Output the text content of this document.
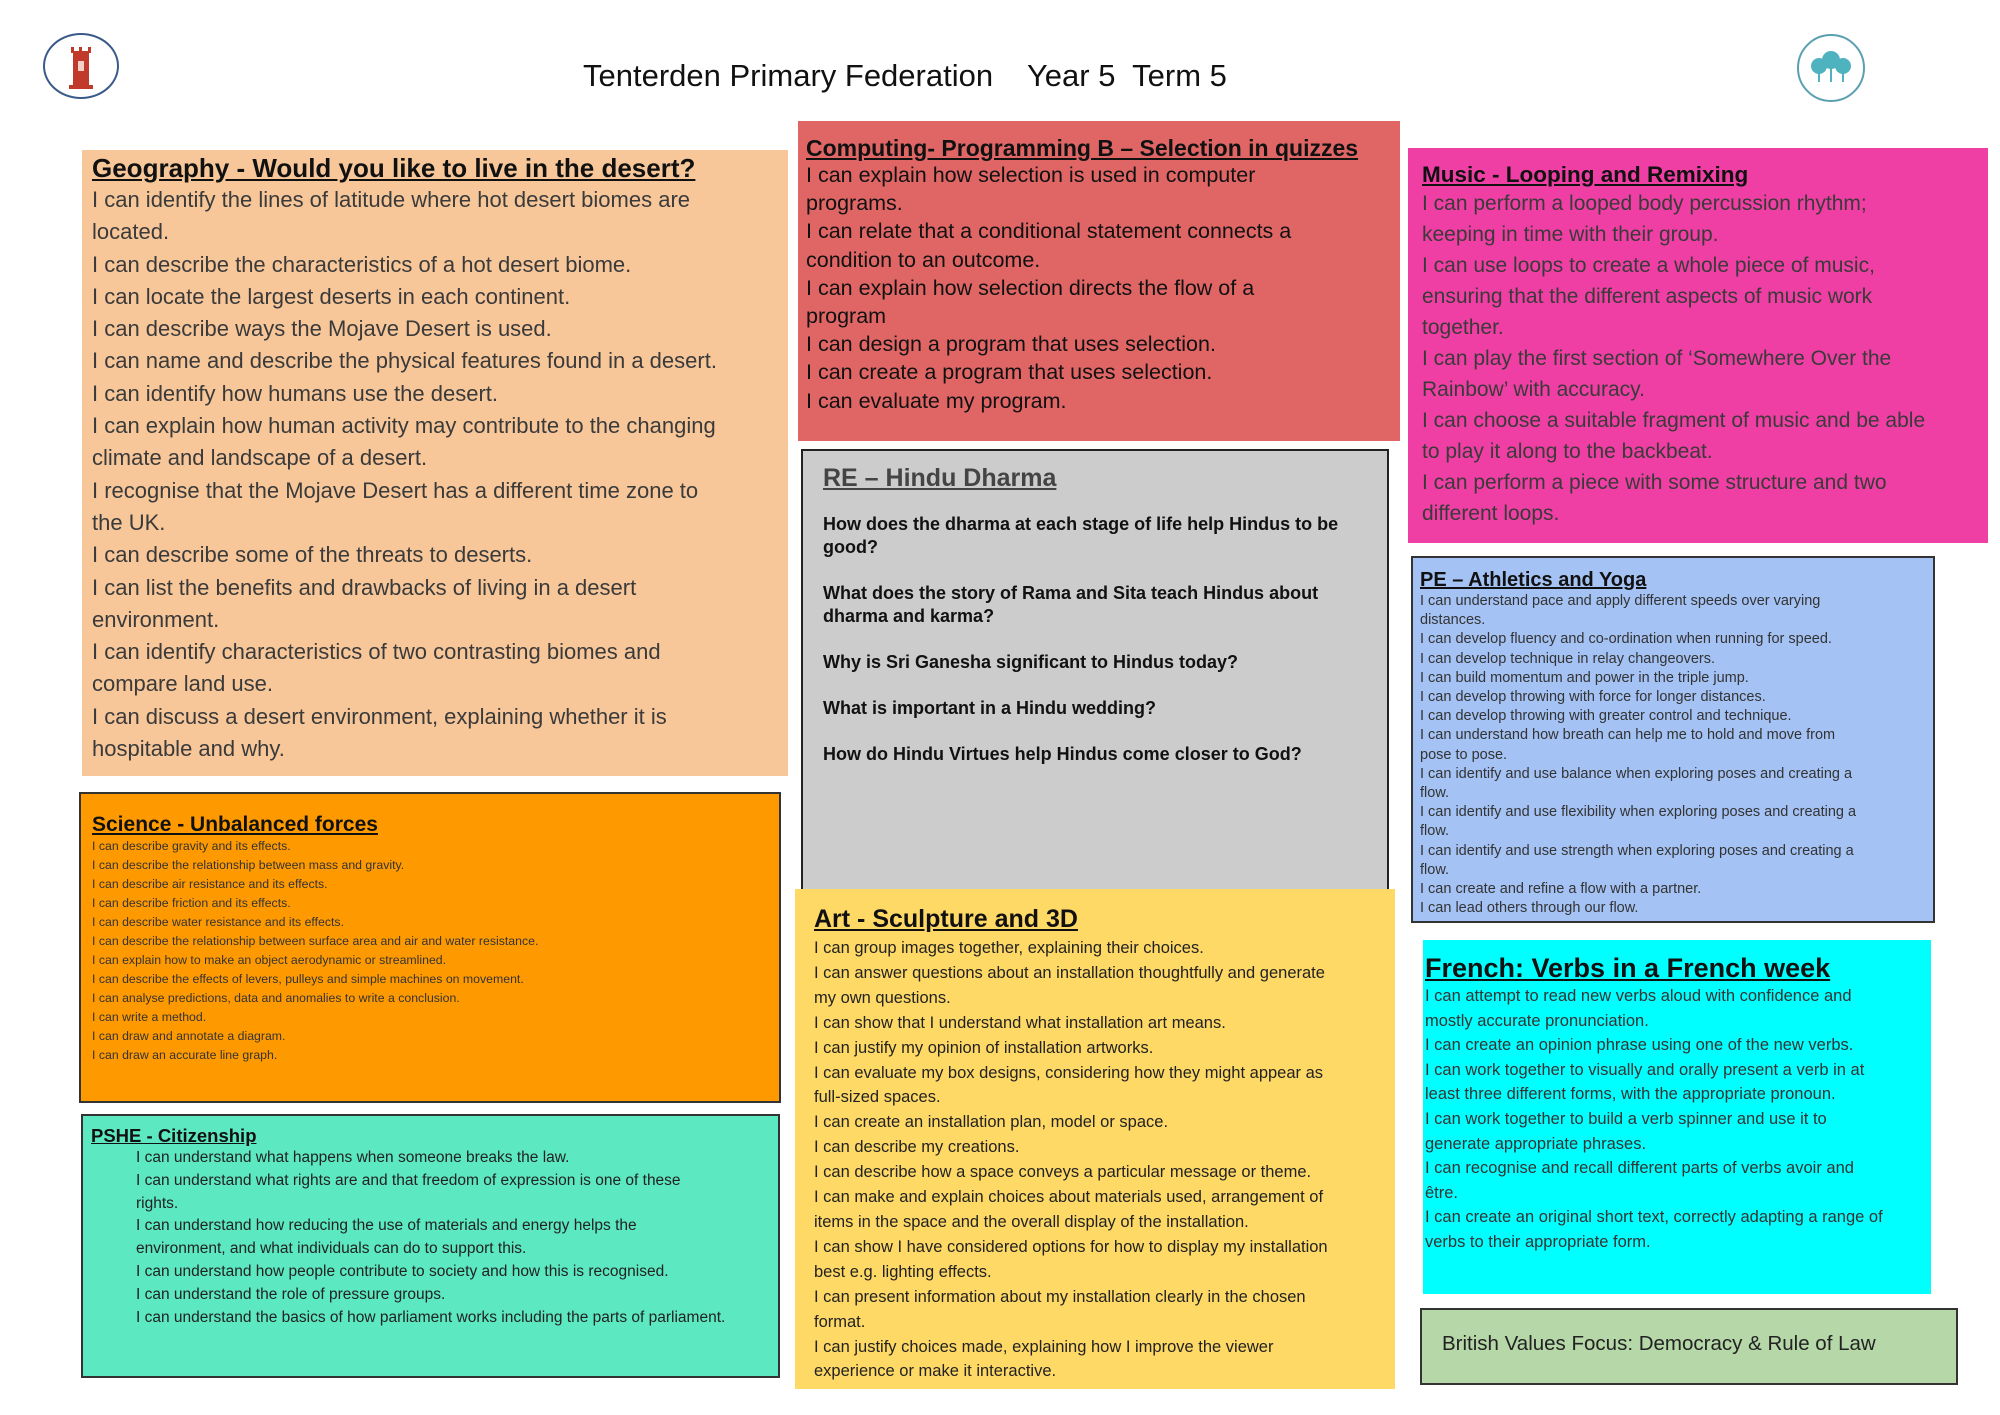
Tenterden Primary Federation    Year 5  Term 5
Geography - Would you like to live in the desert?
I can identify the lines of latitude where hot desert biomes are
located.
I can describe the characteristics of a hot desert biome.
I can locate the largest deserts in each continent.
I can describe ways the Mojave Desert is used.
I can name and describe the physical features found in a desert.
I can identify how humans use the desert.
I can explain how human activity may contribute to the changing
climate and landscape of a desert.
I recognise that the Mojave Desert has a different time zone to
the UK.
I can describe some of the threats to deserts.
I can list the benefits and drawbacks of living in a desert
environment.
I can identify characteristics of two contrasting biomes and
compare land use.
I can discuss a desert environment, explaining whether it is
hospitable and why.
Computing- Programming B – Selection in quizzes
I can explain how selection is used in computer
programs.
I can relate that a conditional statement connects a
condition to an outcome.
I can explain how selection directs the flow of a
program
I can design a program that uses selection.
I can create a program that uses selection.
I can evaluate my program.
Music - Looping and Remixing
I can perform a looped body percussion rhythm;
keeping in time with their group.
I can use loops to create a whole piece of music,
ensuring that the different aspects of music work
together.
I can play the first section of ‘Somewhere Over the
Rainbow’ with accuracy.
I can choose a suitable fragment of music and be able
to play it along to the backbeat.
I can perform a piece with some structure and two
different loops.
RE – Hindu Dharma
How does the dharma at each stage of life help Hindus to be good?
What does the story of Rama and Sita teach Hindus about dharma and karma?
Why is Sri Ganesha significant to Hindus today?
What is important in a Hindu wedding?
How do Hindu Virtues help Hindus come closer to God?
PE – Athletics and Yoga
I can understand pace and apply different speeds over varying
distances.
I can develop fluency and co-ordination when running for speed.
I can develop technique in relay changeovers.
I can build momentum and power in the triple jump.
I can develop throwing with force for longer distances.
I can develop throwing with greater control and technique.
I can understand how breath can help me to hold and move from
pose to pose.
I can identify and use balance when exploring poses and creating a
flow.
I can identify and use flexibility when exploring poses and creating a
flow.
I can identify and use strength when exploring poses and creating a
flow.
I can create and refine a flow with a partner.
I can lead others through our flow.
Science - Unbalanced forces
I can describe gravity and its effects.
I can describe the relationship between mass and gravity.
I can describe air resistance and its effects.
I can describe friction and its effects.
I can describe water resistance and its effects.
I can describe the relationship between surface area and air and water resistance.
I can explain how to make an object aerodynamic or streamlined.
I can describe the effects of levers, pulleys and simple machines on movement.
I can analyse predictions, data and anomalies to write a conclusion.
I can write a method.
I can draw and annotate a diagram.
I can draw an accurate line graph.
Art - Sculpture and 3D
I can group images together, explaining their choices.
I can answer questions about an installation thoughtfully and generate
my own questions.
I can show that I understand what installation art means.
I can justify my opinion of installation artworks.
I can evaluate my box designs, considering how they might appear as
full-sized spaces.
I can create an installation plan, model or space.
I can describe my creations.
I can describe how a space conveys a particular message or theme.
I can make and explain choices about materials used, arrangement of
items in the space and the overall display of the installation.
I can show I have considered options for how to display my installation
best e.g. lighting effects.
I can present information about my installation clearly in the chosen
format.
I can justify choices made, explaining how I improve the viewer
experience or make it interactive.
PSHE - Citizenship
I can understand what happens when someone breaks the law.
I can understand what rights are and that freedom of expression is one of these
rights.
I can understand how reducing the use of materials and energy helps the
environment, and what individuals can do to support this.
I can understand how people contribute to society and how this is recognised.
I can understand the role of pressure groups.
I can understand the basics of how parliament works including the parts of parliament.
French: Verbs in a French week
I can attempt to read new verbs aloud with confidence and
mostly accurate pronunciation.
I can create an opinion phrase using one of the new verbs.
I can work together to visually and orally present a verb in at
least three different forms, with the appropriate pronoun.
I can work together to build a verb spinner and use it to
generate appropriate phrases.
I can recognise and recall different parts of verbs avoir and
être.
I can create an original short text, correctly adapting a range of
verbs to their appropriate form.
British Values Focus: Democracy & Rule of Law
